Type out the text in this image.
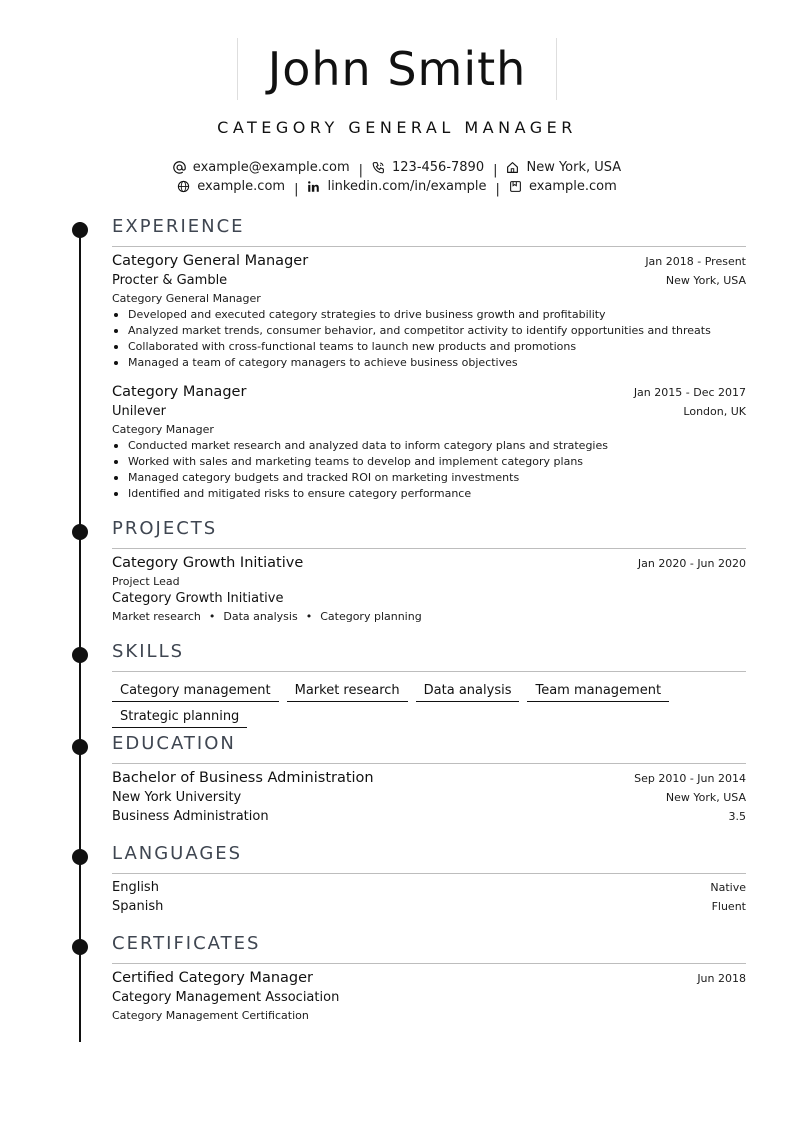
John Smith
CATEGORY GENERAL MANAGER
example@example.com | 123-456-7890 | New York, USA
example.com | linkedin.com/in/example | example.com
EXPERIENCE
Category General Manager	Jan 2018 - Present
Procter & Gamble	New York, USA
Category General Manager
Developed and executed category strategies to drive business growth and profitability
Analyzed market trends, consumer behavior, and competitor activity to identify opportunities and threats
Collaborated with cross-functional teams to launch new products and promotions
Managed a team of category managers to achieve business objectives
Category Manager	Jan 2015 - Dec 2017
Unilever	London, UK
Category Manager
Conducted market research and analyzed data to inform category plans and strategies
Worked with sales and marketing teams to develop and implement category plans
Managed category budgets and tracked ROI on marketing investments
Identified and mitigated risks to ensure category performance
PROJECTS
Category Growth Initiative	Jan 2020 - Jun 2020
Project Lead
Category Growth Initiative
Market research • Data analysis • Category planning
SKILLS
Category management Market research Data analysis Team management
Strategic planning
EDUCATION
Bachelor of Business Administration	Sep 2010 - Jun 2014
New York University	New York, USA
Business Administration	3.5
LANGUAGES
English	Native
Spanish	Fluent
CERTIFICATES
Certified Category Manager	Jun 2018
Category Management Association
Category Management Certification
